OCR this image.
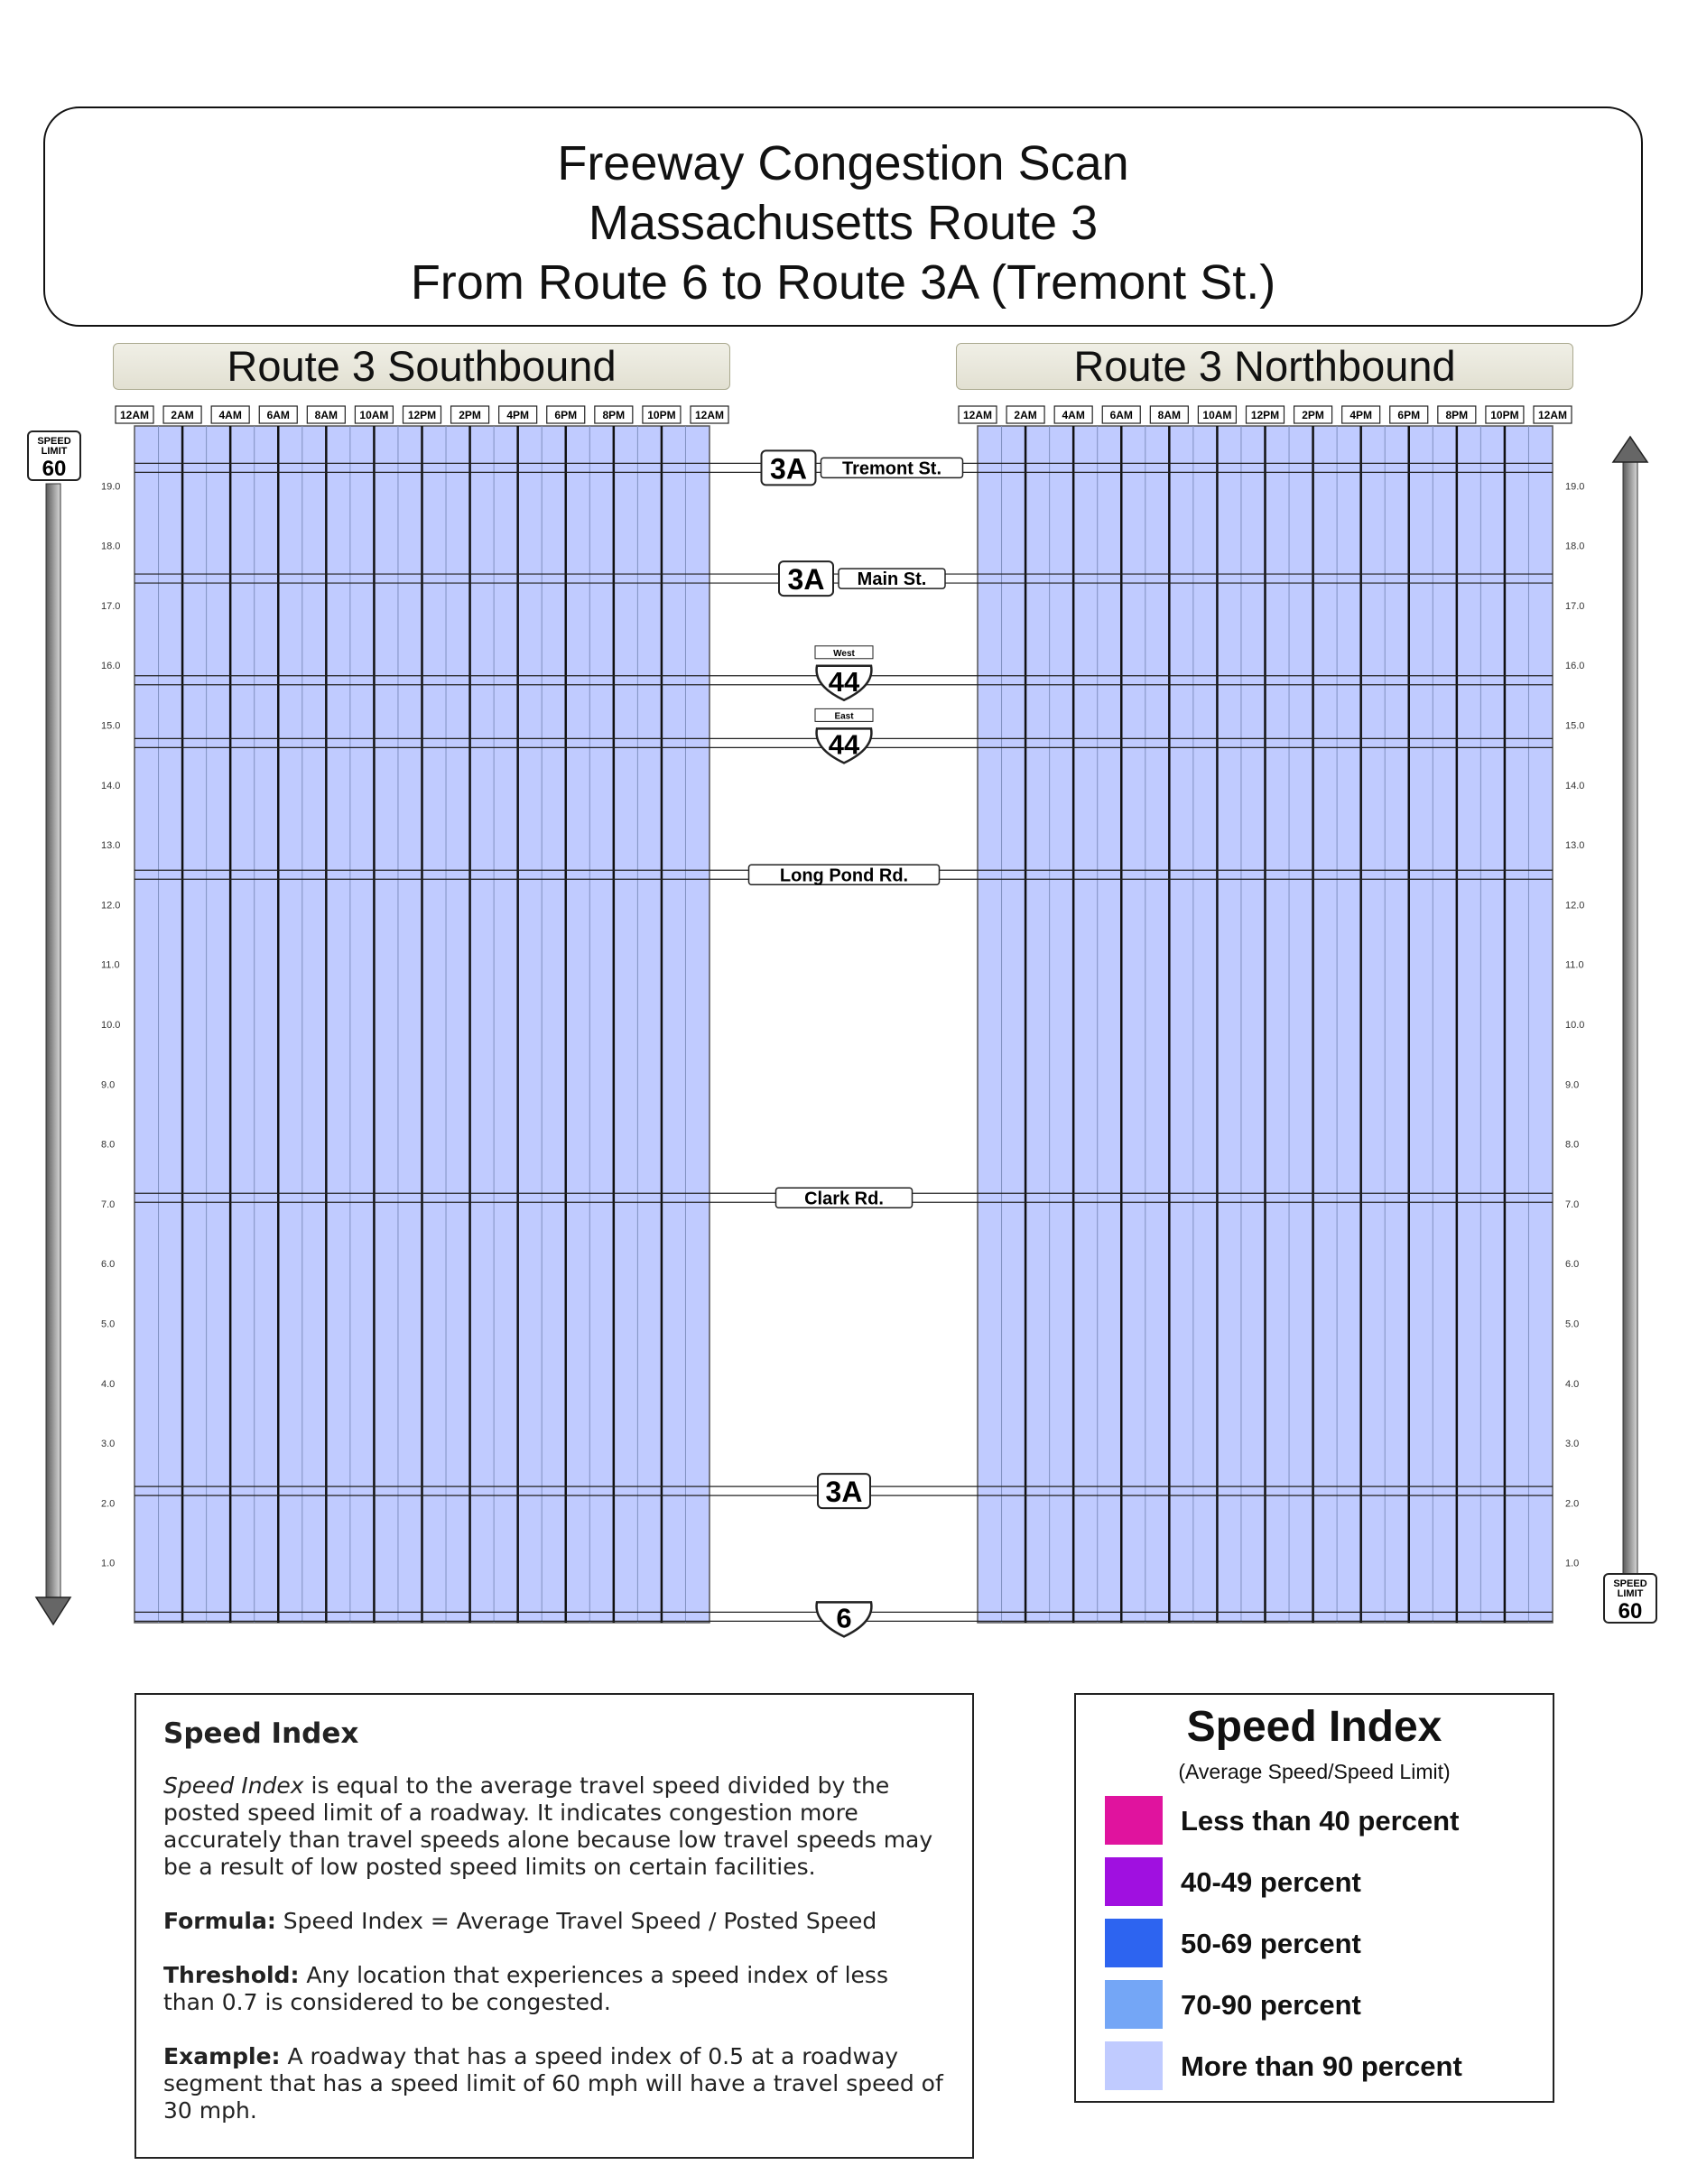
Freeway Congestion Scan
Massachusetts Route 3
From Route 6 to Route 3A (Tremont St.)
Route 3 Southbound	Route 3 Northbound
SPEED
LIMIT
60
SPEED
LIMIT
60
12AM 2AM 4AM 6AM 8AM 10AM 12PM 2PM 4PM 6PM 8PM 10PM 12AM	12AM 2AM 4AM 6AM 8AM 10AM 12PM 2PM 4PM 6PM 8PM 10PM 12AM
1.0	1.0
2.0	2.0
3.0	3.0
4.0	4.0
5.0	5.0
6.0	6.0
7.0	7.0
8.0	8.0
9.0	9.0
10.0	10.0
11.0	11.0
12.0	12.0
13.0	13.0
14.0	14.0
15.0	15.0
16.0	16.0
17.0	17.0
18.0	18.0
19.0	19.0
3A Tremont St.
3A Main St.
44
West
44
East
Long Pond Rd.
Clark Rd.
3A
6
Speed Index

Speed Index is equal to the average travel speed divided by the posted speed limit of a roadway. It indicates congestion more accurately than travel speeds alone because low travel speeds may be a result of low posted speed limits on certain facilities.

Formula: Speed Index = Average Travel Speed / Posted Speed

Threshold: Any location that experiences a speed index of less than 0.7 is considered to be congested.

Example: A roadway that has a speed index of 0.5 at a roadway segment that has a speed limit of 60 mph will have a travel speed of 30 mph.

Speed Index
(Average Speed/Speed Limit)
Less than 40 percent
40-49 percent
50-69 percent
70-90 percent
More than 90 percent
